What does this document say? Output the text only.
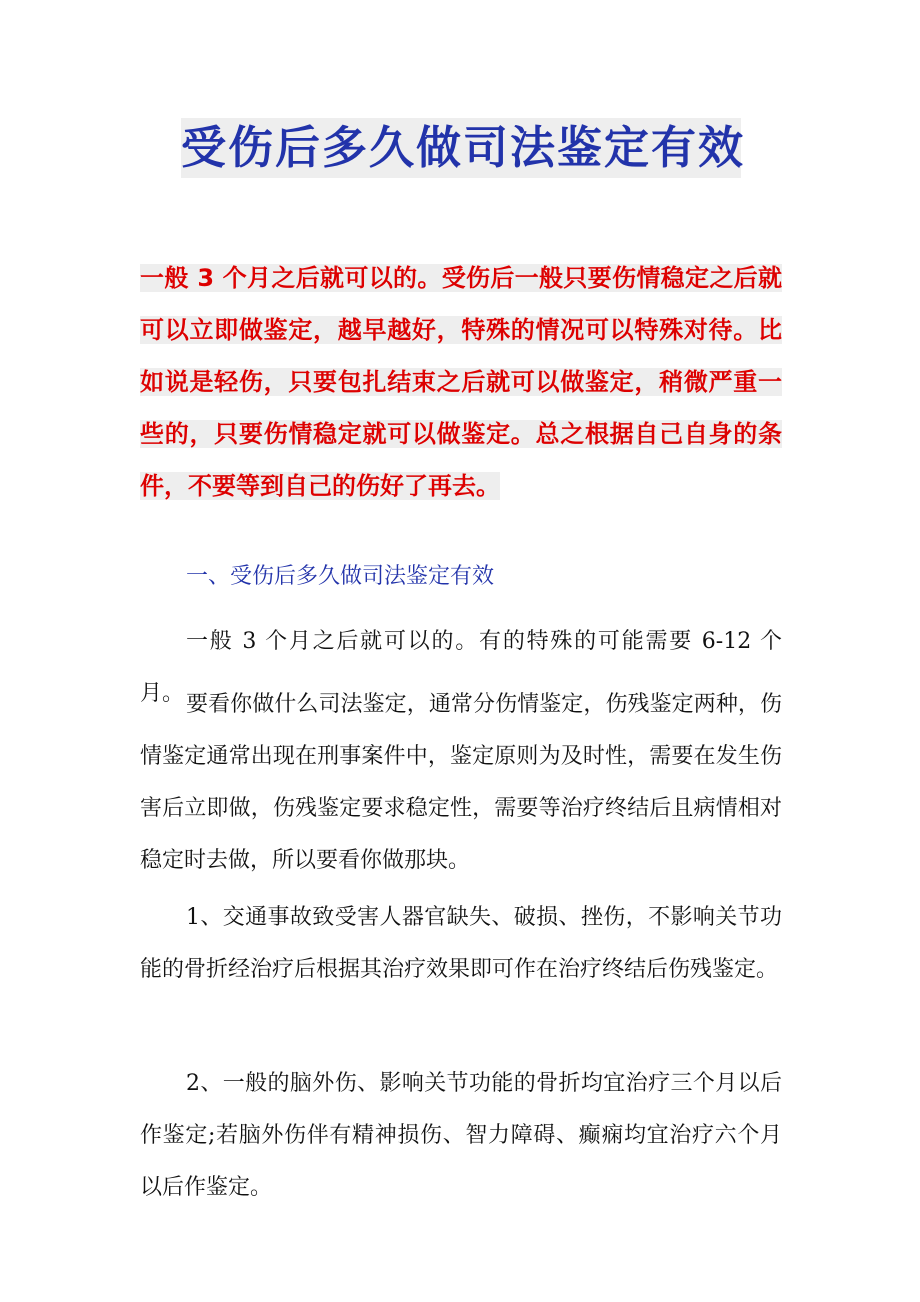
受伤后多久做司法鉴定有效
一般 3 个月之后就可以的。受伤后一般只要伤情稳定之后就可以立即做鉴定，越早越好，特殊的情况可以特殊对待。比如说是轻伤，只要包扎结束之后就可以做鉴定，稍微严重一些的，只要伤情稳定就可以做鉴定。总之根据自己自身的条件，不要等到自己的伤好了再去。
一、受伤后多久做司法鉴定有效
一般 3 个月之后就可以的。有的特殊的可能需要 6-12 个月。 要看你做什么司法鉴定，通常分伤情鉴定，伤残鉴定两种，伤情鉴定通常出现在刑事案件中，鉴定原则为及时性，需要在发生伤害后立即做，伤残鉴定要求稳定性，需要等治疗终结后且病情相对稳定时去做，所以要看你做那块。
1、交通事故致受害人器官缺失、破损、挫伤，不影响关节功能的骨折经治疗后根据其治疗效果即可作在治疗终结后伤残鉴定。
2、一般的脑外伤、影响关节功能的骨折均宜治疗三个月以后作鉴定;若脑外伤伴有精神损伤、智力障碍、癫痫均宜治疗六个月以后作鉴定。
